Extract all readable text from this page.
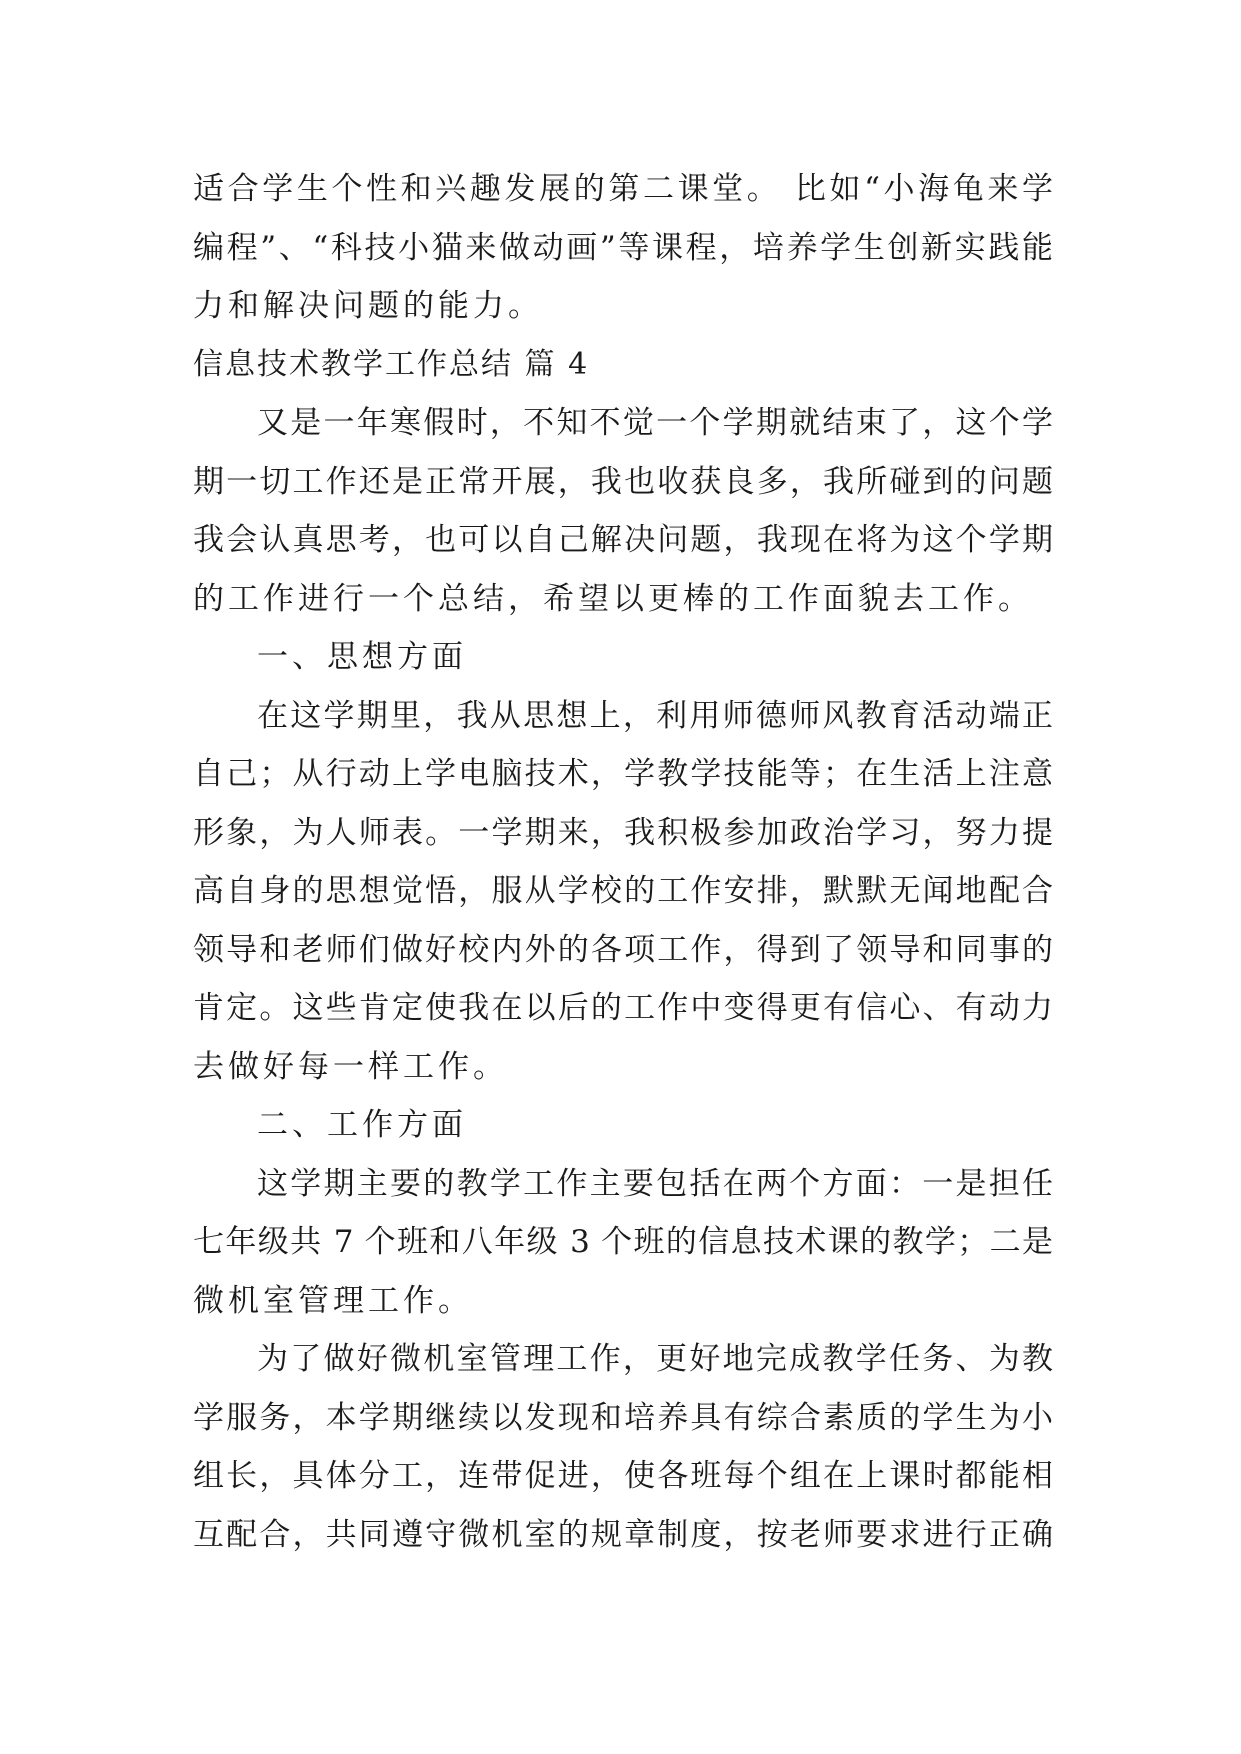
适合学生个性和兴趣发展的第二课堂。 比如“小海龟来学
编程”、“科技小猫来做动画”等课程，培养学生创新实践能
力和解决问题的能力。
信息技术教学工作总结 篇 4
又是一年寒假时，不知不觉一个学期就结束了，这个学
期一切工作还是正常开展，我也收获良多，我所碰到的问题
我会认真思考，也可以自己解决问题，我现在将为这个学期
的工作进行一个总结，希望以更棒的工作面貌去工作。
一、思想方面
在这学期里，我从思想上，利用师德师风教育活动端正
自己；从行动上学电脑技术，学教学技能等；在生活上注意
形象，为人师表。一学期来，我积极参加政治学习，努力提
高自身的思想觉悟，服从学校的工作安排，默默无闻地配合
领导和老师们做好校内外的各项工作，得到了领导和同事的
肯定。这些肯定使我在以后的工作中变得更有信心、有动力
去做好每一样工作。
二、工作方面
这学期主要的教学工作主要包括在两个方面：一是担任
七年级共 7 个班和八年级 3 个班的信息技术课的教学；二是
微机室管理工作。
为了做好微机室管理工作，更好地完成教学任务、为教
学服务，本学期继续以发现和培养具有综合素质的学生为小
组长，具体分工，连带促进，使各班每个组在上课时都能相
互配合，共同遵守微机室的规章制度，按老师要求进行正确
